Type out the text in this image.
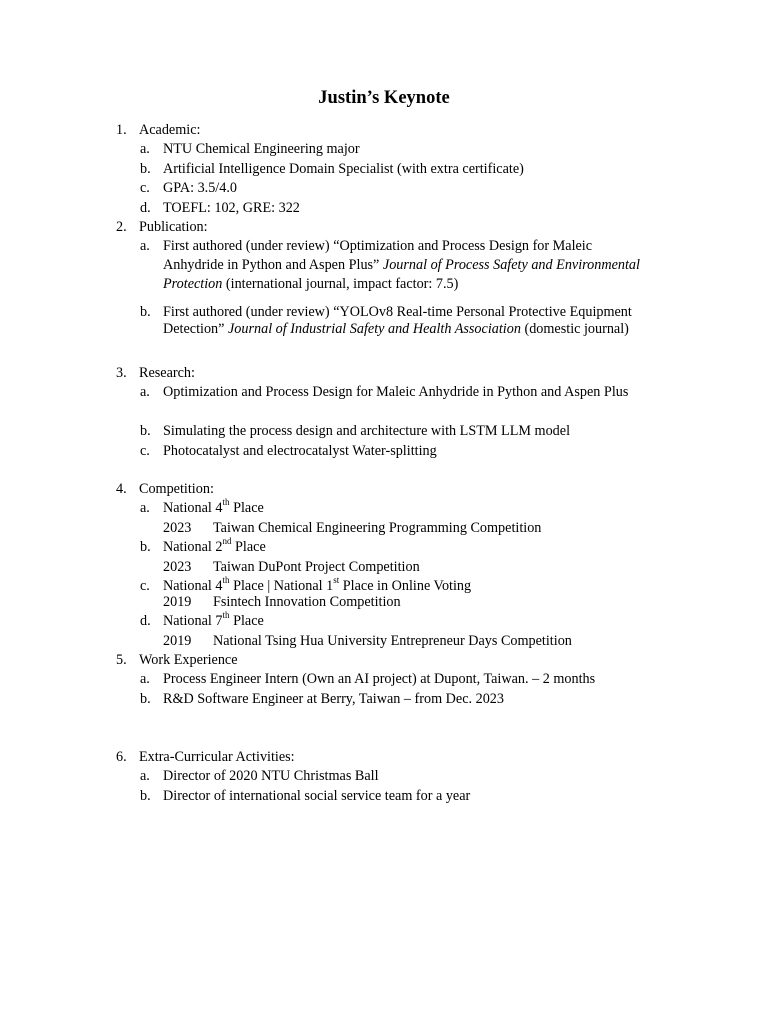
Justin’s Keynote
1. Academic:
a. NTU Chemical Engineering major
b. Artificial Intelligence Domain Specialist (with extra certificate)
c. GPA: 3.5/4.0
d. TOEFL: 102, GRE: 322
2. Publication:
a. First authored (under review) “Optimization and Process Design for Maleic Anhydride in Python and Aspen Plus” Journal of Process Safety and Environmental Protection (international journal, impact factor: 7.5)
b. First authored (under review) “YOLOv8 Real-time Personal Protective Equipment Detection” Journal of Industrial Safety and Health Association (domestic journal)
3. Research:
a. Optimization and Process Design for Maleic Anhydride in Python and Aspen Plus
b. Simulating the process design and architecture with LSTM LLM model
c. Photocatalyst and electrocatalyst Water-splitting
4. Competition:
a. National 4th Place
2023 Taiwan Chemical Engineering Programming Competition
b. National 2nd Place
2023 Taiwan DuPont Project Competition
c. National 4th Place | National 1st Place in Online Voting
2019 Fsintech Innovation Competition
d. National 7th Place
2019 National Tsing Hua University Entrepreneur Days Competition
5. Work Experience
a. Process Engineer Intern (Own an AI project) at Dupont, Taiwan. – 2 months
b. R&D Software Engineer at Berry, Taiwan – from Dec. 2023
6. Extra-Curricular Activities:
a. Director of 2020 NTU Christmas Ball
b. Director of international social service team for a year
